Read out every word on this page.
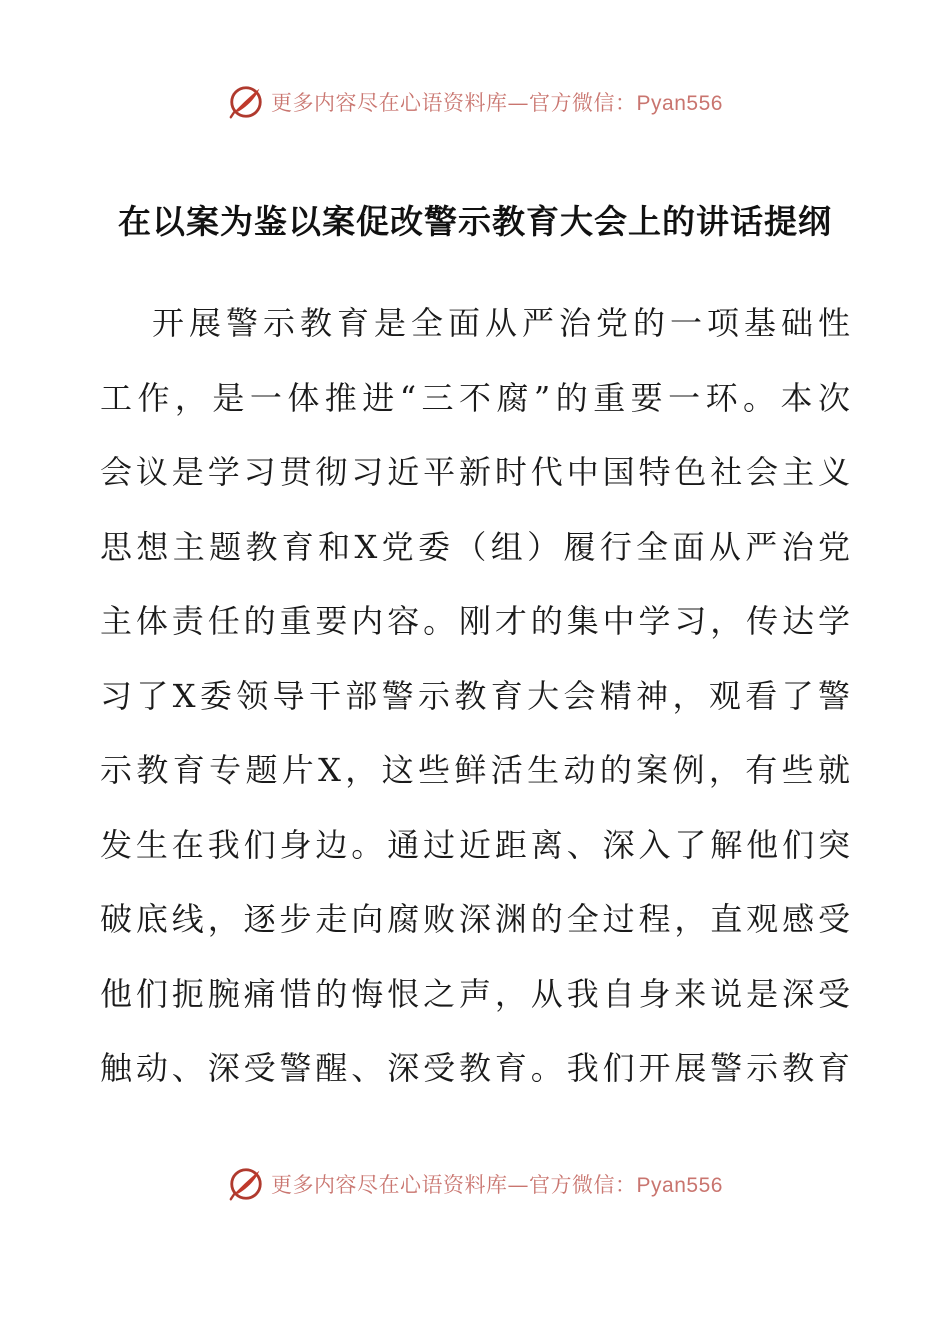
更多内容尽在心语资料库—官方微信：Pyan556
在以案为鉴以案促改警示教育大会上的讲话提纲
开展警示教育是全面从严治党的一项基础性
工作，是一体推进“三不腐”的重要一环。本次
会议是学习贯彻习近平新时代中国特色社会主义
思想主题教育和X党委（组）履行全面从严治党
主体责任的重要内容。刚才的集中学习，传达学
习了X委领导干部警示教育大会精神，观看了警
示教育专题片X，这些鲜活生动的案例，有些就
发生在我们身边。通过近距离、深入了解他们突
破底线，逐步走向腐败深渊的全过程，直观感受
他们扼腕痛惜的悔恨之声，从我自身来说是深受
触动、深受警醒、深受教育。我们开展警示教育
更多内容尽在心语资料库—官方微信：Pyan556
